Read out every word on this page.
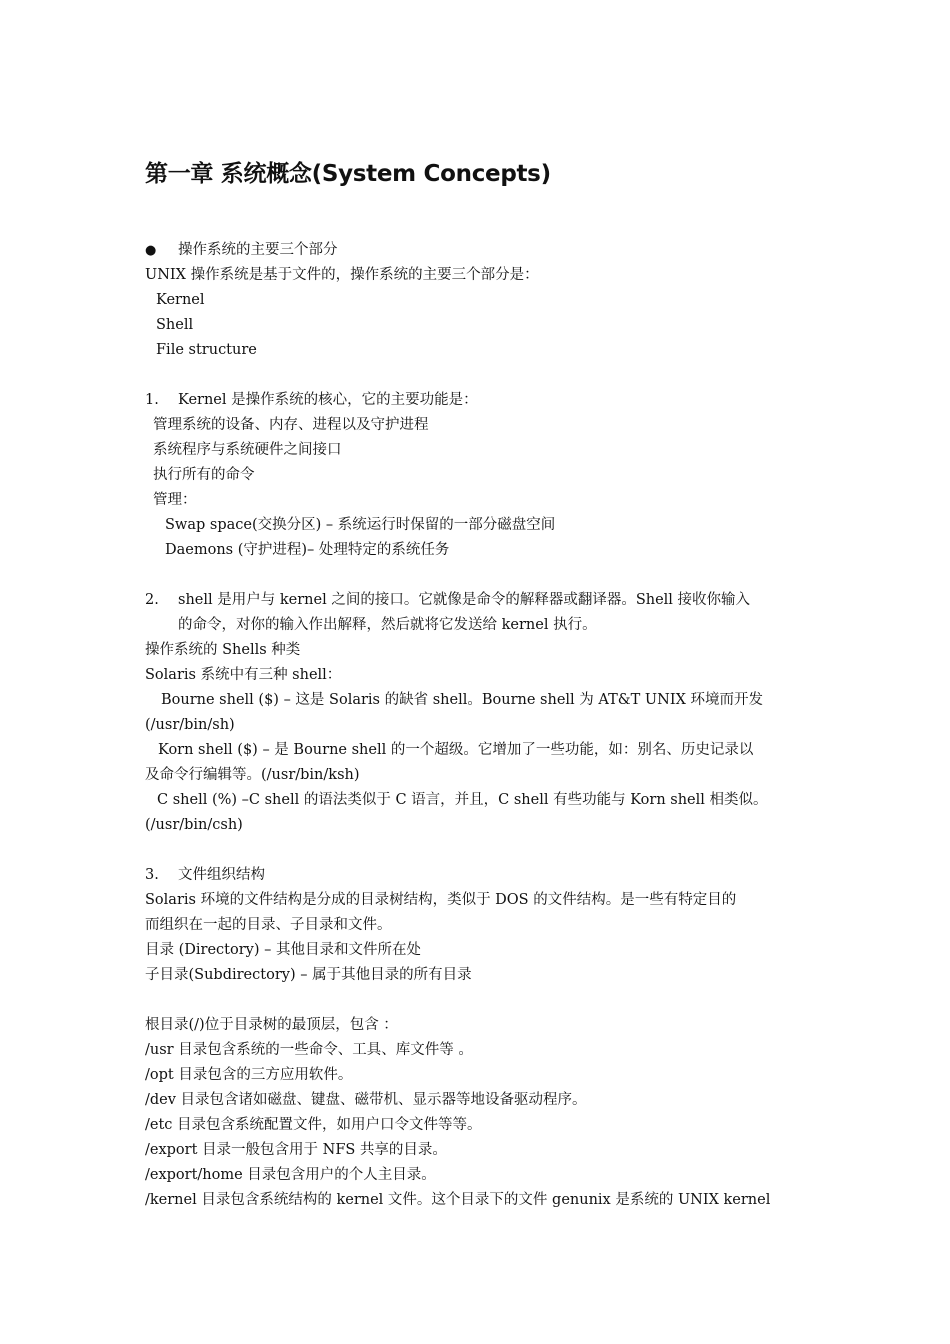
第一章 系统概念(System Concepts)
●	操作系统的主要三个部分
UNIX 操作系统是基于文件的，操作系统的主要三个部分是：
Kernel
Shell
File structure
1.	Kernel 是操作系统的核心，它的主要功能是：
管理系统的设备、内存、进程以及守护进程
系统程序与系统硬件之间接口
执行所有的命令
管理：
Swap space(交换分区) – 系统运行时保留的一部分磁盘空间
Daemons (守护进程)– 处理特定的系统任务
2.	shell 是用户与 kernel 之间的接口。它就像是命令的解释器或翻译器。Shell 接收你输入
的命令，对你的输入作出解释，然后就将它发送给 kernel 执行。
操作系统的 Shells 种类
Solaris 系统中有三种 shell：
Bourne shell ($) – 这是 Solaris 的缺省 shell。Bourne shell 为 AT&T UNIX 环境而开发
(/usr/bin/sh)
Korn shell ($) – 是 Bourne shell 的一个超级。它增加了一些功能，如：别名、历史记录以
及命令行编辑等。(/usr/bin/ksh)
C shell (%) –C shell 的语法类似于 C 语言，并且，C shell 有些功能与 Korn shell 相类似。
(/usr/bin/csh)
3.	文件组织结构
Solaris 环境的文件结构是分成的目录树结构，类似于 DOS 的文件结构。是一些有特定目的
而组织在一起的目录、子目录和文件。
目录 (Directory) – 其他目录和文件所在处
子目录(Subdirectory) – 属于其他目录的所有目录
根目录(/)位于目录树的最顶层，包含 ：
/usr 目录包含系统的一些命令、工具、库文件等 。
/opt 目录包含的三方应用软件。
/dev 目录包含诸如磁盘、键盘、磁带机、显示器等地设备驱动程序。
/etc 目录包含系统配置文件，如用户口令文件等等。
/export 目录一般包含用于 NFS 共享的目录。
/export/home 目录包含用户的个人主目录。
/kernel 目录包含系统结构的 kernel 文件。这个目录下的文件 genunix 是系统的 UNIX kernel
